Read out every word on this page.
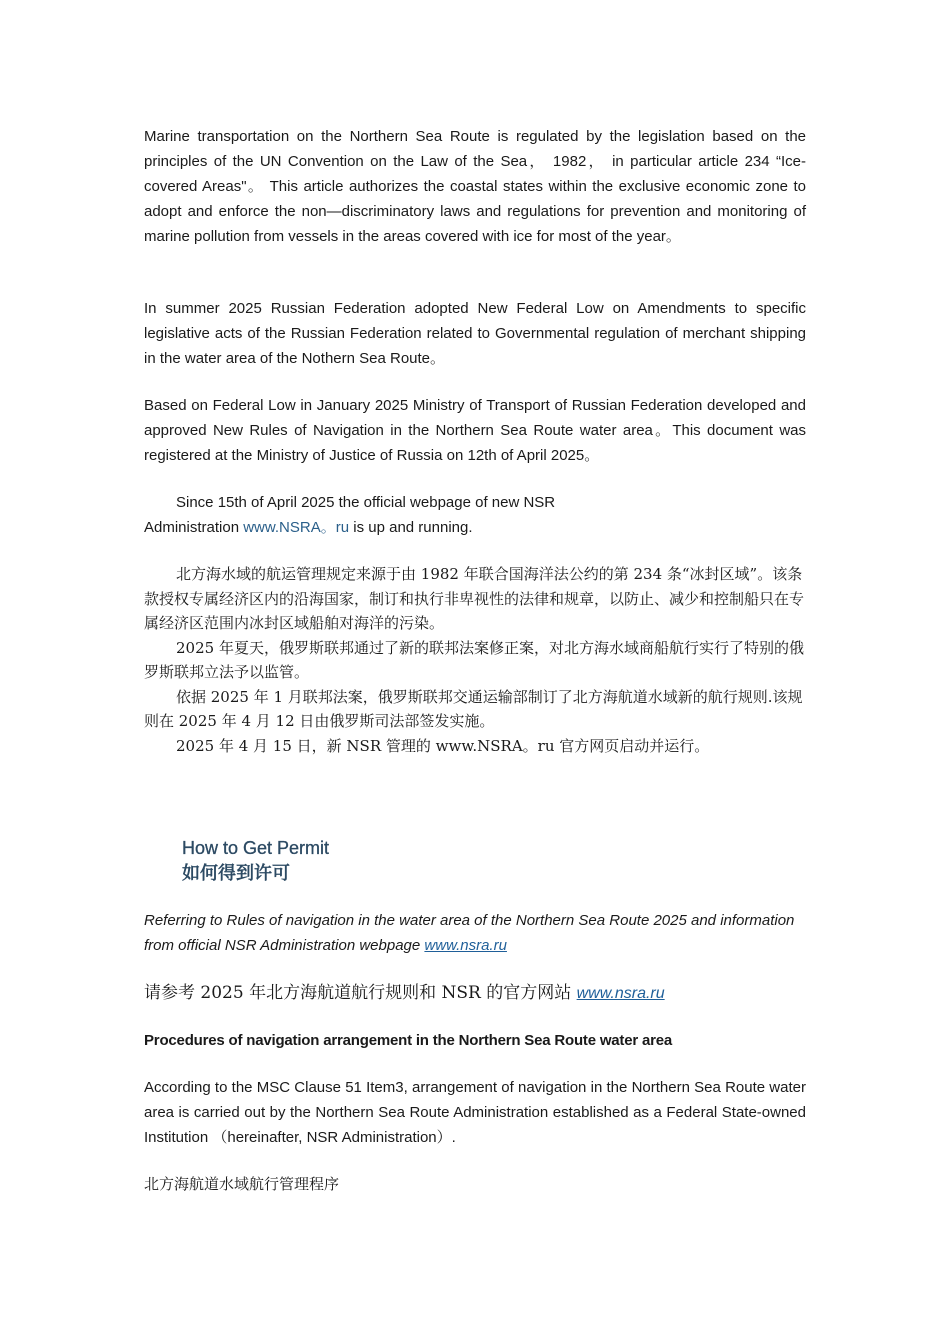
Marine transportation on the Northern Sea Route is regulated by the legislation based on the principles of the UN Convention on the Law of the Sea， 1982， in particular article 234 “Ice-covered Areas"。 This article authorizes the coastal states within the exclusive economic zone to adopt and enforce the non—discriminatory laws and regulations for prevention and monitoring of marine pollution from vessels in the areas covered with ice for most of the year。

In summer 2025 Russian Federation adopted New Federal Low on Amendments to specific legislative acts of the Russian Federation related to Governmental regulation of merchant shipping in the water area of the Nothern Sea Route。

Based on Federal Low in January 2025 Ministry of Transport of Russian Federation developed and approved New Rules of Navigation in the Northern Sea Route water area。This document was registered at the Ministry of Justice of Russia on 12th of April 2025。

Since 15th of April 2025 the official webpage of new NSR
Administration www.NSRA。ru is up and running.

北方海水域的航运管理规定来源于由 1982 年联合国海洋法公约的第 234 条“冰封区域”。该条款授权专属经济区内的沿海国家，制订和执行非卑视性的法律和规章，以防止、减少和控制船只在专属经济区范围内冰封区域船舶对海洋的污染。

2025 年夏天，俄罗斯联邦通过了新的联邦法案修正案，对北方海水域商船航行实行了特别的俄罗斯联邦立法予以监管。

依据 2025 年 1 月联邦法案，俄罗斯联邦交通运输部制订了北方海航道水域新的航行规则.该规则在 2025 年 4 月 12 日由俄罗斯司法部签发实施。

2025 年 4 月 15 日，新 NSR 管理的 www.NSRA。ru 官方网页启动并运行。

How to Get Permit
如何得到许可

Referring to Rules of navigation in the water area of the Northern Sea Route 2025 and information from official NSR Administration webpage www.nsra.ru

请参考 2025 年北方海航道航行规则和 NSR 的官方网站 www.nsra.ru

Procedures of navigation arrangement in the Northern Sea Route water area

According to the MSC Clause 51 Item3, arrangement of navigation in the Northern Sea Route water area is carried out by the Northern Sea Route Administration established as a Federal State-owned Institution （hereinafter, NSR Administration）.

北方海航道水域航行管理程序
